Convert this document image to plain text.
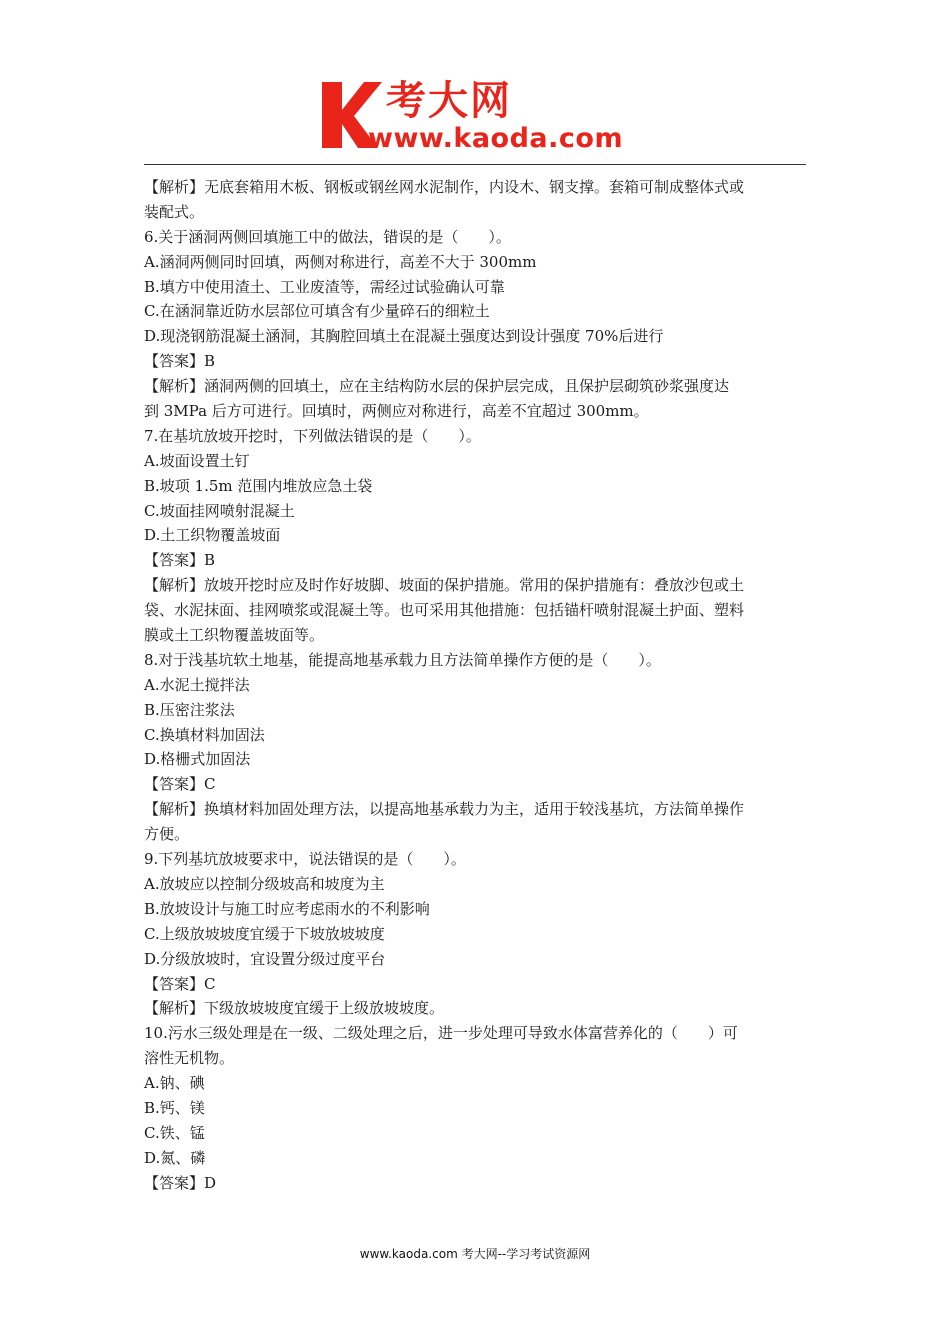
考大网
www.kaoda.com
【解析】无底套箱用木板、钢板或钢丝网水泥制作，内设木、钢支撑。套箱可制成整体式或
装配式。
6.关于涵洞两侧回填施工中的做法，错误的是（　　）。
A.涵洞两侧同时回填，两侧对称进行，高差不大于 300mm
B.填方中使用渣土、工业废渣等，需经过试验确认可靠
C.在涵洞靠近防水层部位可填含有少量碎石的细粒土
D.现浇钢筋混凝土涵洞，其胸腔回填土在混凝土强度达到设计强度 70%后进行
【答案】B
【解析】涵洞两侧的回填土，应在主结构防水层的保护层完成，且保护层砌筑砂浆强度达
到 3MPa 后方可进行。回填时，两侧应对称进行，高差不宜超过 300mm。
7.在基坑放坡开挖时，下列做法错误的是（　　）。
A.坡面设置土钉
B.坡项 1.5m 范围内堆放应急土袋
C.坡面挂网喷射混凝土
D.土工织物覆盖坡面
【答案】B
【解析】放坡开挖时应及时作好坡脚、坡面的保护措施。常用的保护措施有：叠放沙包或土
袋、水泥抹面、挂网喷浆或混凝土等。也可采用其他措施：包括锚杆喷射混凝土护面、塑料
膜或土工织物覆盖坡面等。
8.对于浅基坑软土地基，能提高地基承载力且方法简单操作方便的是（　　）。
A.水泥土搅拌法
B.压密注浆法
C.换填材料加固法
D.格栅式加固法
【答案】C
【解析】换填材料加固处理方法，以提高地基承载力为主，适用于较浅基坑，方法简单操作
方便。
9.下列基坑放坡要求中，说法错误的是（　　）。
A.放坡应以控制分级坡高和坡度为主
B.放坡设计与施工时应考虑雨水的不利影响
C.上级放坡坡度宜缓于下坡放坡坡度
D.分级放坡时，宜设置分级过度平台
【答案】C
【解析】下级放坡坡度宜缓于上级放坡坡度。
10.污水三级处理是在一级、二级处理之后，进一步处理可导致水体富营养化的（　　）可
溶性无机物。
A.钠、碘
B.钙、镁
C.铁、锰
D.氮、磷
【答案】D
www.kaoda.com 考大网--学习考试资源网
